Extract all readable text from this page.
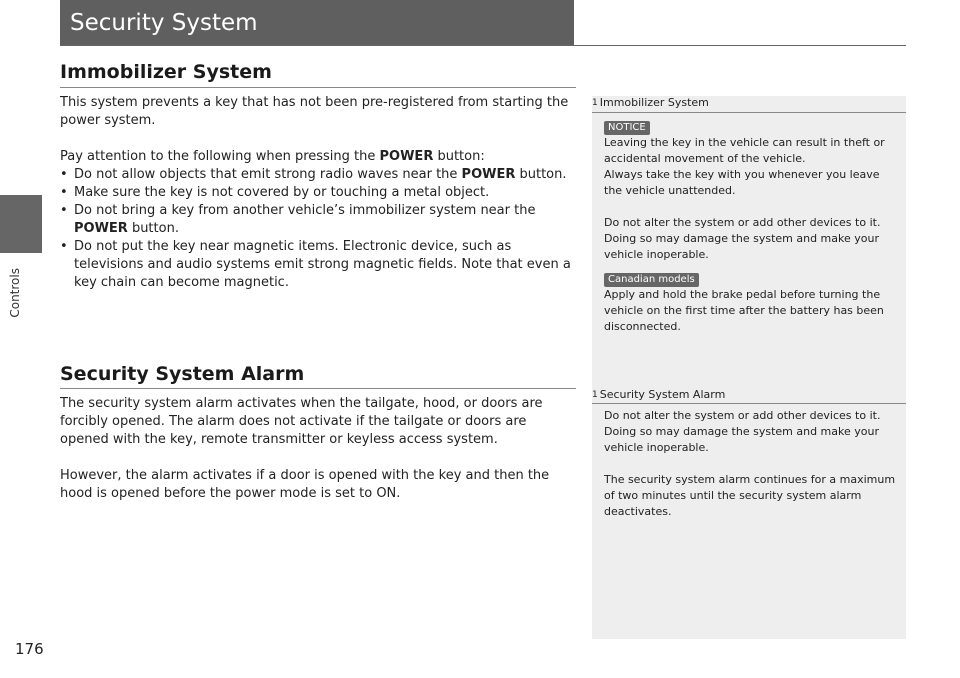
Controls
176
Security System
Immobilizer System

This system prevents a key that has not been pre-registered from starting the power system.

Pay attention to the following when pressing the POWER button:

• Do not allow objects that emit strong radio waves near the POWER button.
• Make sure the key is not covered by or touching a metal object.
• Do not bring a key from another vehicle’s immobilizer system near the POWER button.
• Do not put the key near magnetic items. Electronic device, such as televisions and audio systems emit strong magnetic fields. Note that even a key chain can become magnetic.
Security System Alarm

The security system alarm activates when the tailgate, hood, or doors are forcibly opened. The alarm does not activate if the tailgate or doors are opened with the key, remote transmitter or keyless access system.

However, the alarm activates if a door is opened with the key and then the hood is opened before the power mode is set to ON.

1 Immobilizer System
NOTICE

Leaving the key in the vehicle can result in theft or accidental movement of the vehicle.

Always take the key with you whenever you leave the vehicle unattended.

Do not alter the system or add other devices to it. Doing so may damage the system and make your vehicle inoperable.

Canadian models

Apply and hold the brake pedal before turning the vehicle on the first time after the battery has been disconnected.

1 Security System Alarm

Do not alter the system or add other devices to it. Doing so may damage the system and make your vehicle inoperable.

The security system alarm continues for a maximum of two minutes until the security system alarm deactivates.
